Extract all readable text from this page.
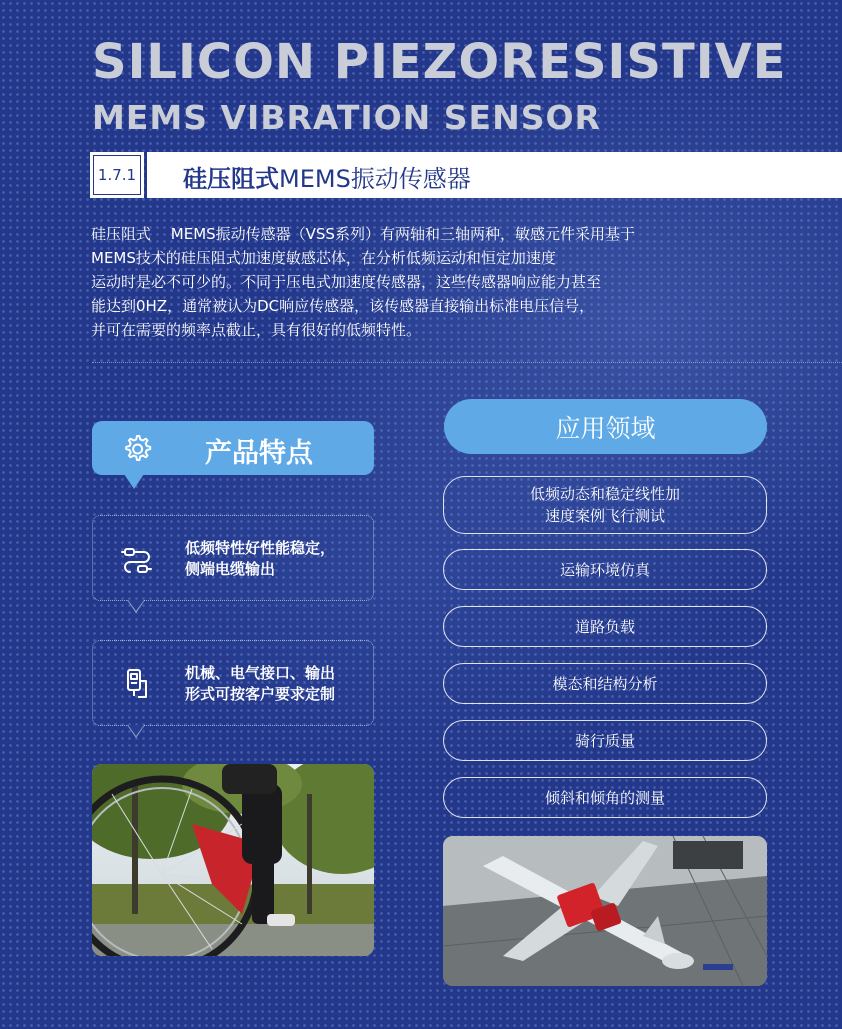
SILICON PIEZORESISTIVE
MEMS VIBRATION SENSOR
1.7.1 硅压阻式MEMS振动传感器

硅压阻式　 MEMS振动传感器（VSS系列）有两轴和三轴两种，敏感元件采用基于

MEMS技术的硅压阻式加速度敏感芯体，在分析低频运动和恒定加速度

运动时是必不可少的。不同于压电式加速度传感器，这些传感器响应能力甚至

能达到0HZ，通常被认为DC响应传感器，该传感器直接输出标准电压信号，

并可在需要的频率点截止，具有很好的低频特性。

产品特点
低频特性好性能稳定，
侧端电缆输出
机械、电气接口、输出
形式可按客户要求定制
应用领域
低频动态和稳定线性加
速度案例飞行测试
运输环境仿真
道路负载
模态和结构分析
骑行质量
倾斜和倾角的测量
